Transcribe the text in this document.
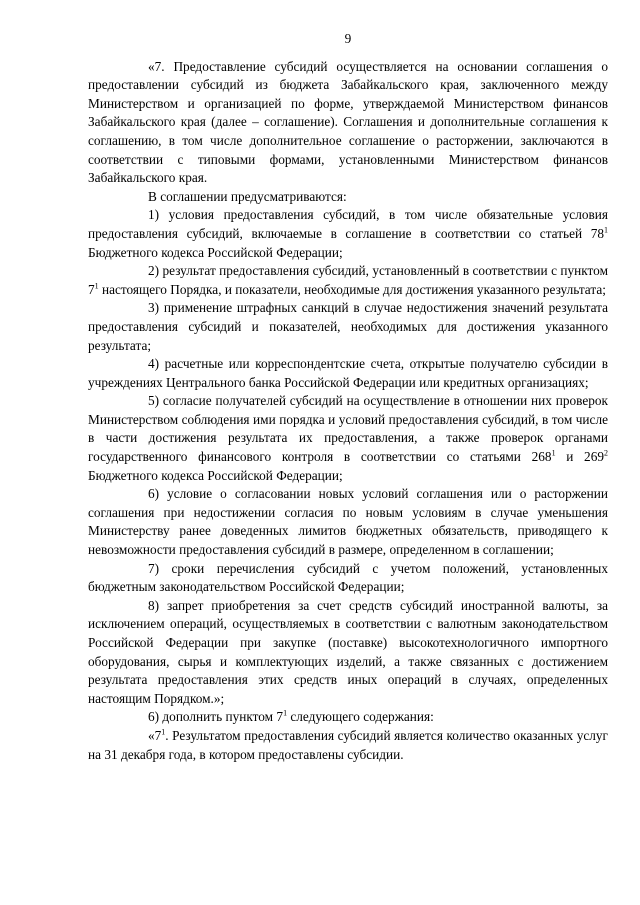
9

«7. Предоставление субсидий осуществляется на основании соглашения о предоставлении субсидий из бюджета Забайкальского края, заключенного между Министерством и организацией по форме, утверждаемой Министерством финансов Забайкальского края (далее – соглашение). Соглашения и дополнительные соглашения к соглашению, в том числе дополнительное соглашение о расторжении, заключаются в соответствии с типовыми формами, установленными Министерством финансов Забайкальского края.

В соглашении предусматриваются:

1) условия предоставления субсидий, в том числе обязательные условия предоставления субсидий, включаемые в соглашение в соответствии со статьей $78^1$ Бюджетного кодекса Российской Федерации;

2) результат предоставления субсидий, установленный в соответствии с пунктом $7^1$ настоящего Порядка, и показатели, необходимые для достижения указанного результата;

3) применение штрафных санкций в случае недостижения значений результата предоставления субсидий и показателей, необходимых для достижения указанного результата;

4) расчетные или корреспондентские счета, открытые получателю субсидии в учреждениях Центрального банка Российской Федерации или кредитных организациях;

5) согласие получателей субсидий на осуществление в отношении них проверок Министерством соблюдения ими порядка и условий предоставления субсидий, в том числе в части достижения результата их предоставления, а также проверок органами государственного финансового контроля в соответствии со статьями $268^1$ и $269^2$ Бюджетного кодекса Российской Федерации;

6) условие о согласовании новых условий соглашения или о расторжении соглашения при недостижении согласия по новым условиям в случае уменьшения Министерству ранее доведенных лимитов бюджетных обязательств, приводящего к невозможности предоставления субсидий в размере, определенном в соглашении;

7) сроки перечисления субсидий с учетом положений, установленных бюджетным законодательством Российской Федерации;

8) запрет приобретения за счет средств субсидий иностранной валюты, за исключением операций, осуществляемых в соответствии с валютным законодательством Российской Федерации при закупке (поставке) высокотехнологичного импортного оборудования, сырья и комплектующих изделий, а также связанных с достижением результата предоставления этих средств иных операций в случаях, определенных настоящим Порядком.»;

6) дополнить пунктом $7^1$ следующего содержания:

«$7^1$. Результатом предоставления субсидий является количество оказанных услуг на 31 декабря года, в котором предоставлены субсидии.
